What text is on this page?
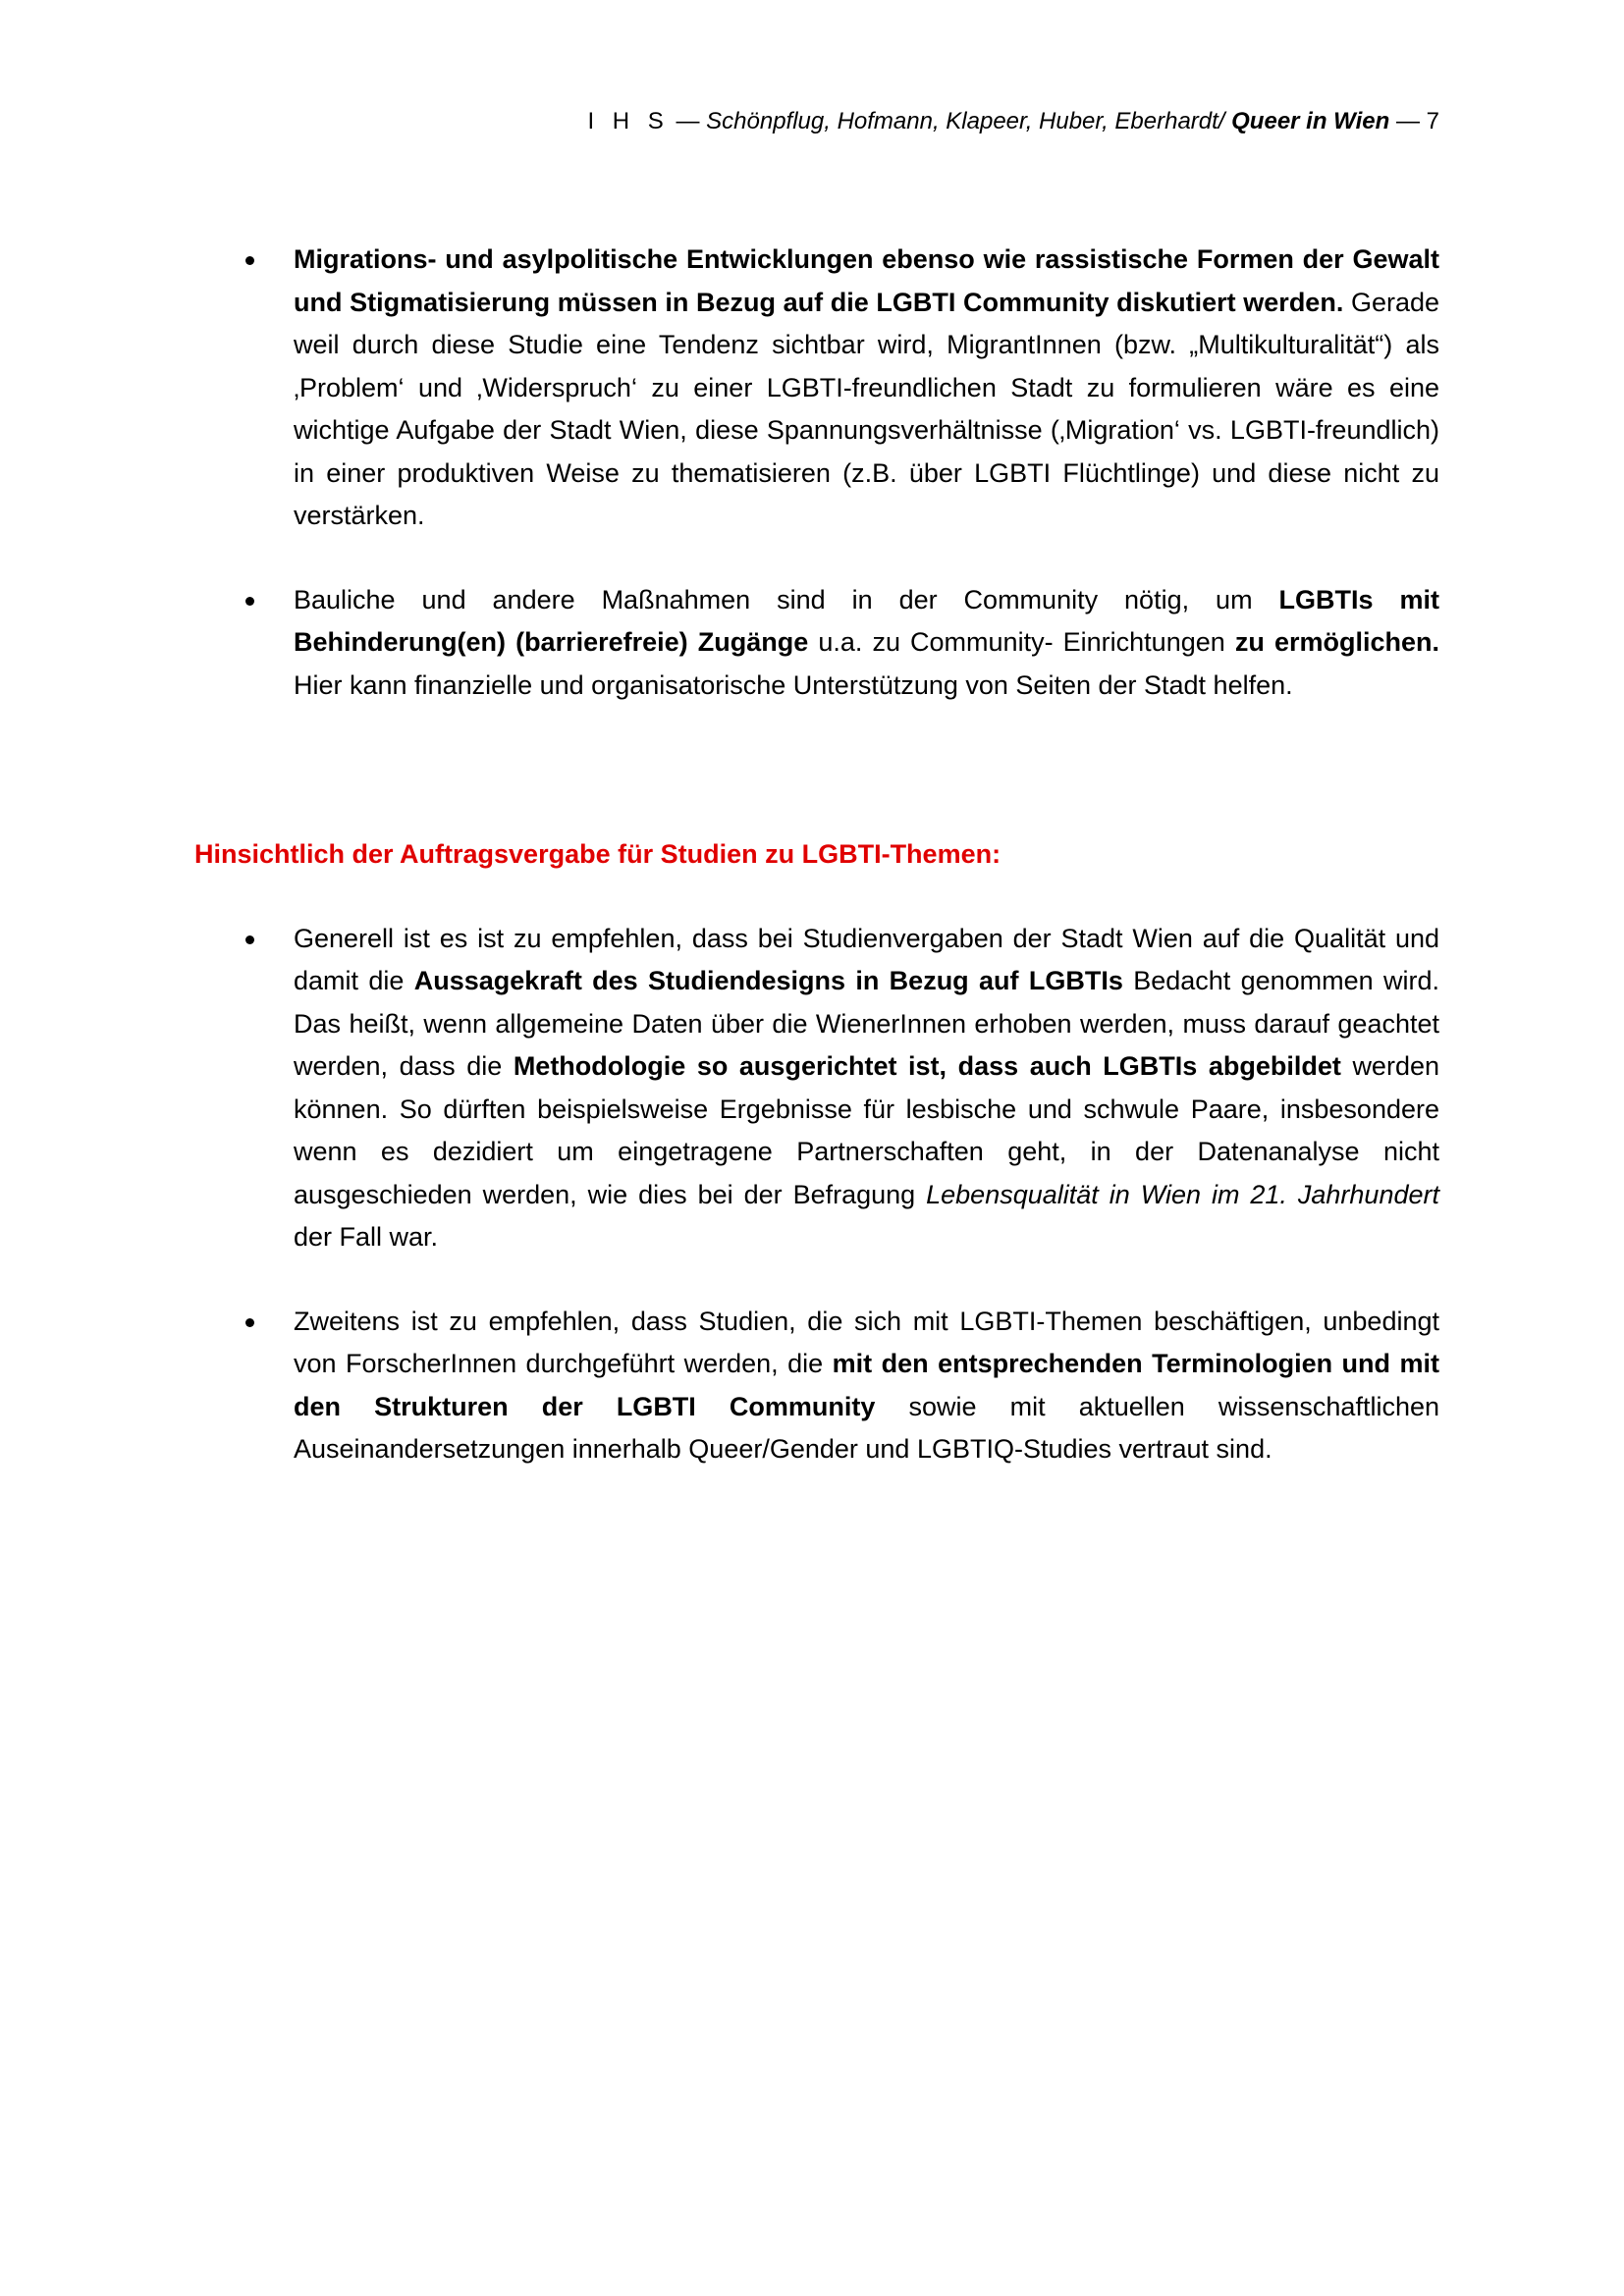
I H S — Schönpflug, Hofmann, Klapeer, Huber, Eberhardt/ Queer in Wien — 7
Migrations- und asylpolitische Entwicklungen ebenso wie rassistische Formen der Gewalt und Stigmatisierung müssen in Bezug auf die LGBTI Community diskutiert werden. Gerade weil durch diese Studie eine Tendenz sichtbar wird, MigrantInnen (bzw. „Multikulturalität“) als ‚Problem‘ und ‚Widerspruch‘ zu einer LGBTI-freundlichen Stadt zu formulieren wäre es eine wichtige Aufgabe der Stadt Wien, diese Spannungsverhältnisse (‚Migration‘ vs. LGBTI-freundlich) in einer produktiven Weise zu thematisieren (z.B. über LGBTI Flüchtlinge) und diese nicht zu verstärken.
Bauliche und andere Maßnahmen sind in der Community nötig, um LGBTIs mit Behinderung(en) (barrierefreie) Zugänge u.a. zu Community- Einrichtungen zu ermöglichen. Hier kann finanzielle und organisatorische Unterstützung von Seiten der Stadt helfen.
Hinsichtlich der Auftragsvergabe für Studien zu LGBTI-Themen:
Generell ist es ist zu empfehlen, dass bei Studienvergaben der Stadt Wien auf die Qualität und damit die Aussagekraft des Studiendesigns in Bezug auf LGBTIs Bedacht genommen wird. Das heißt, wenn allgemeine Daten über die WienerInnen erhoben werden, muss darauf geachtet werden, dass die Methodologie so ausgerichtet ist, dass auch LGBTIs abgebildet werden können. So dürften beispielsweise Ergebnisse für lesbische und schwule Paare, insbesondere wenn es dezidiert um eingetragene Partnerschaften geht, in der Datenanalyse nicht ausgeschieden werden, wie dies bei der Befragung Lebensqualität in Wien im 21. Jahrhundert der Fall war.
Zweitens ist zu empfehlen, dass Studien, die sich mit LGBTI-Themen beschäftigen, unbedingt von ForscherInnen durchgeführt werden, die mit den entsprechenden Terminologien und mit den Strukturen der LGBTI Community sowie mit aktuellen wissenschaftlichen Auseinandersetzungen innerhalb Queer/Gender und LGBTIQ-Studies vertraut sind.
